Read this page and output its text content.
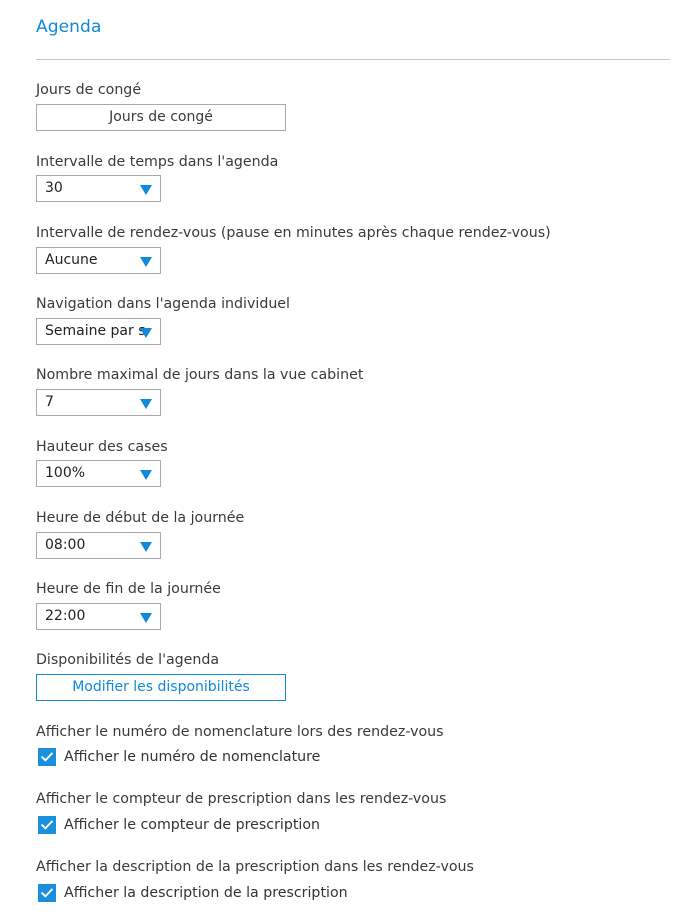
Agenda
Jours de congé
Jours de congé
Intervalle de temps dans l'agenda
30
Intervalle de rendez-vous (pause en minutes après chaque rendez-vous)
Aucune
Navigation dans l'agenda individuel
Semaine par s
Nombre maximal de jours dans la vue cabinet
7
Hauteur des cases
100%
Heure de début de la journée
08:00
Heure de fin de la journée
22:00
Disponibilités de l'agenda
Modifier les disponibilités
Afficher le numéro de nomenclature lors des rendez-vous
Afficher le numéro de nomenclature
Afficher le compteur de prescription dans les rendez-vous
Afficher le compteur de prescription
Afficher la description de la prescription dans les rendez-vous
Afficher la description de la prescription
